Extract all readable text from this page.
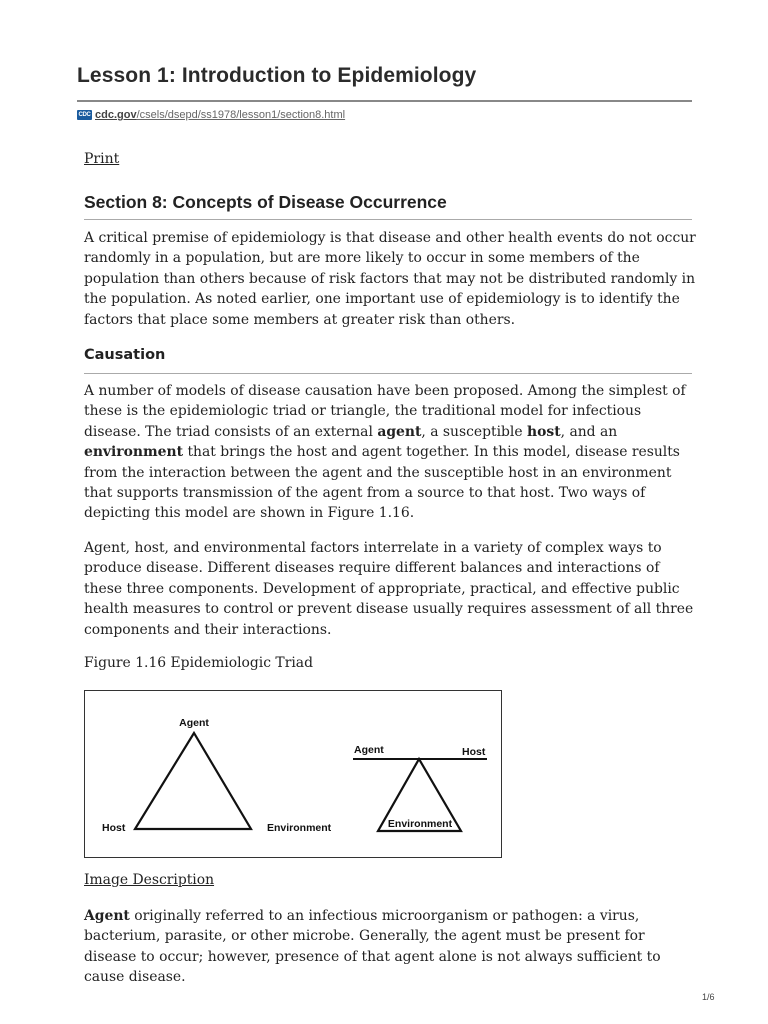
Lesson 1: Introduction to Epidemiology
CDC cdc.gov/csels/dsepd/ss1978/lesson1/section8.html
Print
Section 8: Concepts of Disease Occurrence

A critical premise of epidemiology is that disease and other health events do not occur randomly in a population, but are more likely to occur in some members of the population than others because of risk factors that may not be distributed randomly in the population. As noted earlier, one important use of epidemiology is to identify the factors that place some members at greater risk than others.

Causation

A number of models of disease causation have been proposed. Among the simplest of these is the epidemiologic triad or triangle, the traditional model for infectious disease. The triad consists of an external agent, a susceptible host, and an environment that brings the host and agent together. In this model, disease results from the interaction between the agent and the susceptible host in an environment that supports transmission of the agent from a source to that host. Two ways of depicting this model are shown in Figure 1.16.

Agent, host, and environmental factors interrelate in a variety of complex ways to produce disease. Different diseases require different balances and interactions of these three components. Development of appropriate, practical, and effective public health measures to control or prevent disease usually requires assessment of all three components and their interactions.

Figure 1.16 Epidemiologic Triad
Agent
Host	Environment
Agent	Host
Environment
Image Description

Agent originally referred to an infectious microorganism or pathogen: a virus, bacterium, parasite, or other microbe. Generally, the agent must be present for disease to occur; however, presence of that agent alone is not always sufficient to cause disease.

1/6
